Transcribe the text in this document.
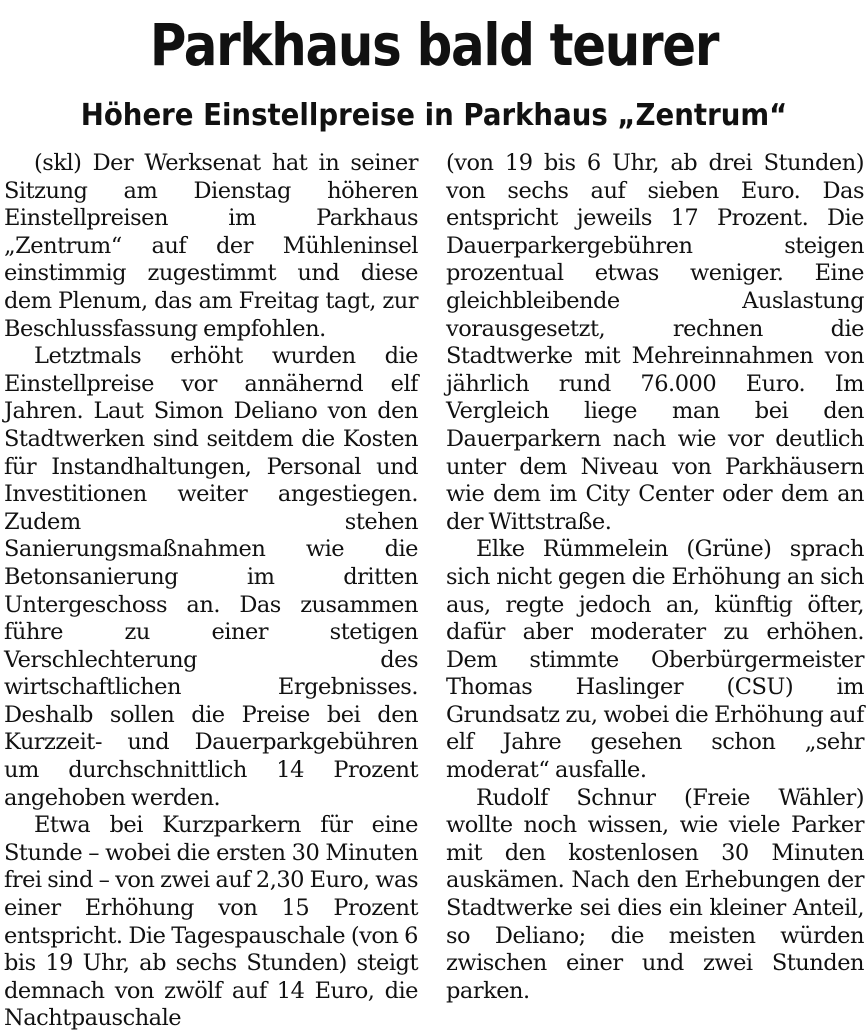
Parkhaus bald teurer
Höhere Einstellpreise in Parkhaus „Zentrum“

(skl) Der Werksenat hat in seiner Sitzung am Dienstag höheren Einstellpreisen im Parkhaus „Zentrum“ auf der Mühleninsel einstimmig zugestimmt und diese dem Plenum, das am Freitag tagt, zur Beschlussfassung empfohlen.

Letztmals erhöht wurden die Einstellpreise vor annähernd elf Jahren. Laut Simon Deliano von den Stadtwerken sind seitdem die Kosten für Instandhaltungen, Personal und Investitionen weiter angestiegen. Zudem stehen Sanierungsmaßnahmen wie die Betonsanierung im dritten Untergeschoss an. Das zusammen führe zu einer stetigen Verschlechterung des wirtschaftlichen Ergebnisses. Deshalb sollen die Preise bei den Kurzzeit- und Dauerparkgebühren um durchschnittlich 14 Prozent angehoben werden.

Etwa bei Kurzparkern für eine Stunde – wobei die ersten 30 Minuten frei sind – von zwei auf 2,30 Euro, was einer Erhöhung von 15 Prozent entspricht. Die Tagespauschale (von 6 bis 19 Uhr, ab sechs Stunden) steigt demnach von zwölf auf 14 Euro, die Nachtpauschale

(von 19 bis 6 Uhr, ab drei Stunden) von sechs auf sieben Euro. Das entspricht jeweils 17 Prozent. Die Dauerparkergebühren steigen prozentual etwas weniger. Eine gleichbleibende Auslastung vorausgesetzt, rechnen die Stadtwerke mit Mehreinnahmen von jährlich rund 76.000 Euro. Im Vergleich liege man bei den Dauerparkern nach wie vor deutlich unter dem Niveau von Parkhäusern wie dem im City Center oder dem an der Wittstraße.

Elke Rümmelein (Grüne) sprach sich nicht gegen die Erhöhung an sich aus, regte jedoch an, künftig öfter, dafür aber moderater zu erhöhen. Dem stimmte Oberbürgermeister Thomas Haslinger (CSU) im Grundsatz zu, wobei die Erhöhung auf elf Jahre gesehen schon „sehr moderat“ ausfalle.

Rudolf Schnur (Freie Wähler) wollte noch wissen, wie viele Parker mit den kostenlosen 30 Minuten auskämen. Nach den Erhebungen der Stadtwerke sei dies ein kleiner Anteil, so Deliano; die meisten würden zwischen einer und zwei Stunden parken.
